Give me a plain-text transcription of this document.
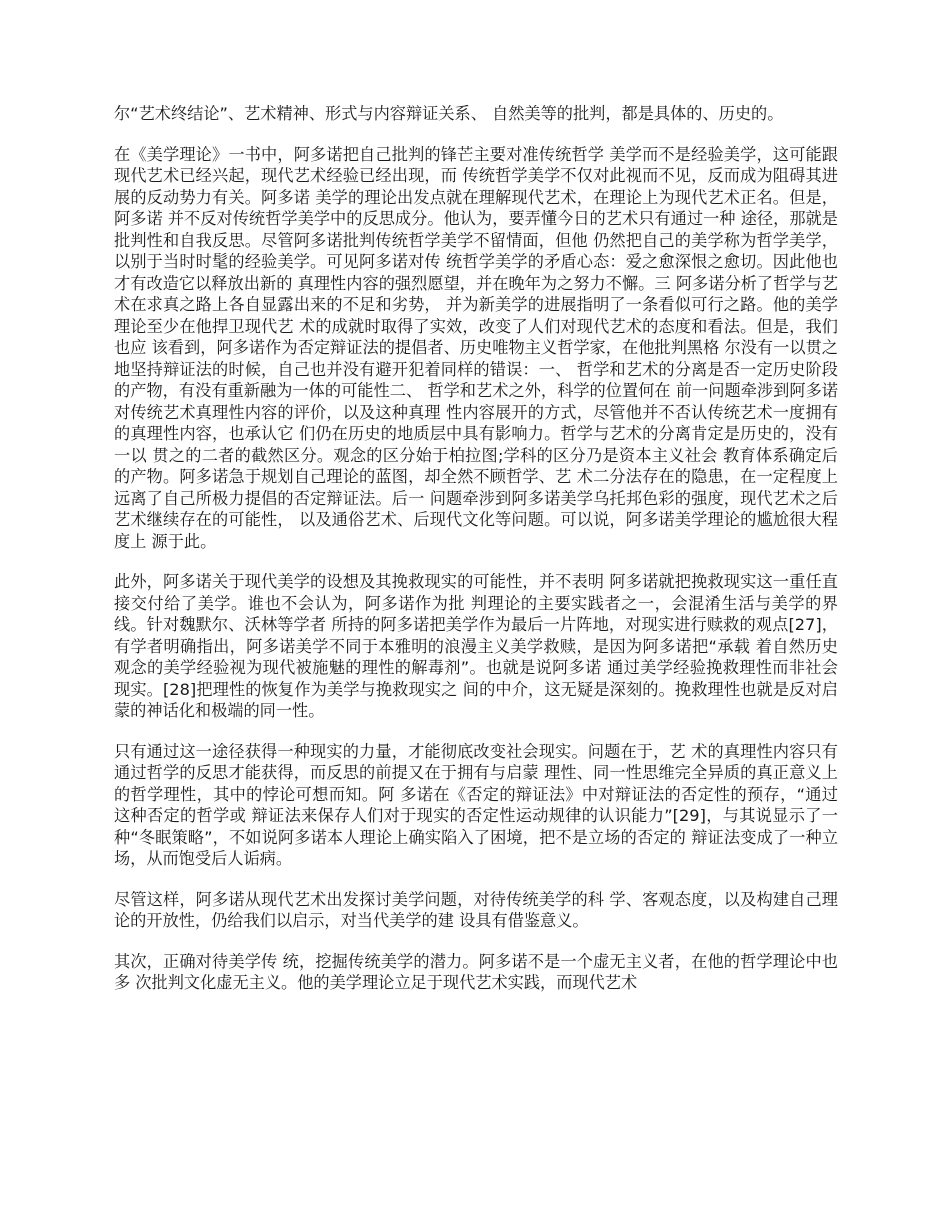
尔“艺术终结论”、艺术精神、形式与内容辩证关系、 自然美等的批判，都是具体的、历史的。

在《美学理论》一书中，阿多诺把自己批判的锋芒主要对准传统哲学 美学而不是经验美学，这可能跟现代艺术已经兴起，现代艺术经验已经出现，而 传统哲学美学不仅对此视而不见，反而成为阻碍其进展的反动势力有关。阿多诺 美学的理论出发点就在理解现代艺术，在理论上为现代艺术正名。但是，阿多诺 并不反对传统哲学美学中的反思成分。他认为，要弄懂今日的艺术只有通过一种 途径，那就是批判性和自我反思。尽管阿多诺批判传统哲学美学不留情面，但他 仍然把自己的美学称为哲学美学，以别于当时时髦的经验美学。可见阿多诺对传 统哲学美学的矛盾心态：爱之愈深恨之愈切。因此他也才有改造它以释放出新的 真理性内容的强烈愿望，并在晚年为之努力不懈。三 阿多诺分析了哲学与艺术在求真之路上各自显露出来的不足和劣势， 并为新美学的进展指明了一条看似可行之路。他的美学理论至少在他捍卫现代艺 术的成就时取得了实效，改变了人们对现代艺术的态度和看法。但是，我们也应 该看到，阿多诺作为否定辩证法的提倡者、历史唯物主义哲学家，在他批判黑格 尔没有一以贯之地坚持辩证法的时候，自己也并没有避开犯着同样的错误：一、 哲学和艺术的分离是否一定历史阶段的产物，有没有重新融为一体的可能性二、 哲学和艺术之外，科学的位置何在 前一问题牵涉到阿多诺对传统艺术真理性内容的评价，以及这种真理 性内容展开的方式，尽管他并不否认传统艺术一度拥有的真理性内容，也承认它 们仍在历史的地质层中具有影响力。哲学与艺术的分离肯定是历史的，没有一以 贯之的二者的截然区分。观念的区分始于柏拉图;学科的区分乃是资本主义社会 教育体系确定后的产物。阿多诺急于规划自己理论的蓝图，却全然不顾哲学、艺 术二分法存在的隐患，在一定程度上远离了自己所极力提倡的否定辩证法。后一 问题牵涉到阿多诺美学乌托邦色彩的强度，现代艺术之后艺术继续存在的可能性， 以及通俗艺术、后现代文化等问题。可以说，阿多诺美学理论的尴尬很大程度上 源于此。

此外，阿多诺关于现代美学的设想及其挽救现实的可能性，并不表明 阿多诺就把挽救现实这一重任直接交付给了美学。谁也不会认为，阿多诺作为批 判理论的主要实践者之一，会混淆生活与美学的界线。针对魏默尔、沃林等学者 所持的阿多诺把美学作为最后一片阵地，对现实进行赎救的观点[27]，有学者明确指出，阿多诺美学不同于本雅明的浪漫主义美学救赎，是因为阿多诺把“承载 着自然历史观念的美学经验视为现代被施魅的理性的解毒剂”。也就是说阿多诺 通过美学经验挽救理性而非社会现实。[28]把理性的恢复作为美学与挽救现实之 间的中介，这无疑是深刻的。挽救理性也就是反对启蒙的神话化和极端的同一性。

只有通过这一途径获得一种现实的力量，才能彻底改变社会现实。问题在于，艺 术的真理性内容只有通过哲学的反思才能获得，而反思的前提又在于拥有与启蒙 理性、同一性思维完全异质的真正意义上的哲学理性，其中的悖论可想而知。阿 多诺在《否定的辩证法》中对辩证法的否定性的预存，“通过这种否定的哲学或 辩证法来保存人们对于现实的否定性运动规律的认识能力”[29]，与其说显示了一 种“冬眠策略”，不如说阿多诺本人理论上确实陷入了困境，把不是立场的否定的 辩证法变成了一种立场，从而饱受后人诟病。

尽管这样，阿多诺从现代艺术出发探讨美学问题，对待传统美学的科 学、客观态度，以及构建自己理论的开放性，仍给我们以启示，对当代美学的建 设具有借鉴意义。

其次，正确对待美学传 统，挖掘传统美学的潜力。阿多诺不是一个虚无主义者，在他的哲学理论中也多 次批判文化虚无主义。他的美学理论立足于现代艺术实践，而现代艺术
